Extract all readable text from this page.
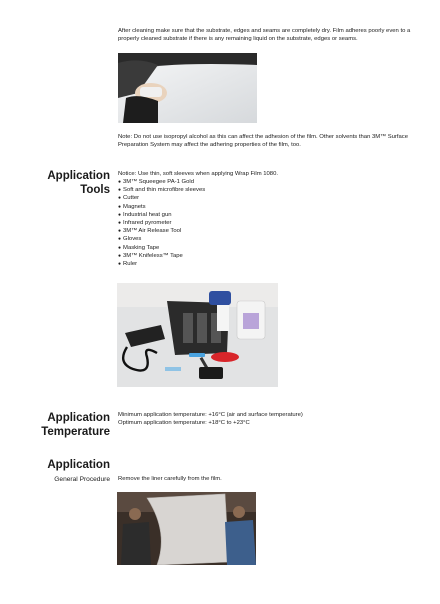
After cleaning make sure that the substrate, edges and seams are completely dry. Film adheres poorly even to a properly cleaned substrate if there is any remaining liquid on the substrate, edges or seams.

Note: Do not use isopropyl alcohol as this can affect the adhesion of the film. Other solvents than 3M™ Surface Preparation System may affect the adhering properties of the film, too.

Application
Tools

Notice: Use thin, soft sleeves when applying Wrap Film 1080.

● 3M™ Squeegee PA-1 Gold
● Soft and thin microfibre sleeves
● Cutter
● Magnets
● Industrial heat gun
● Infrared pyrometer
● 3M™ Air Release Tool
● Gloves
● Masking Tape
● 3M™ Knifeless™ Tape
● Ruler
Application
Temperature

Minimum application temperature: +16°C (air and surface temperature)

Optimum application temperature: +18°C to +23°C

Application

General Procedure Remove the liner carefully from the film.
